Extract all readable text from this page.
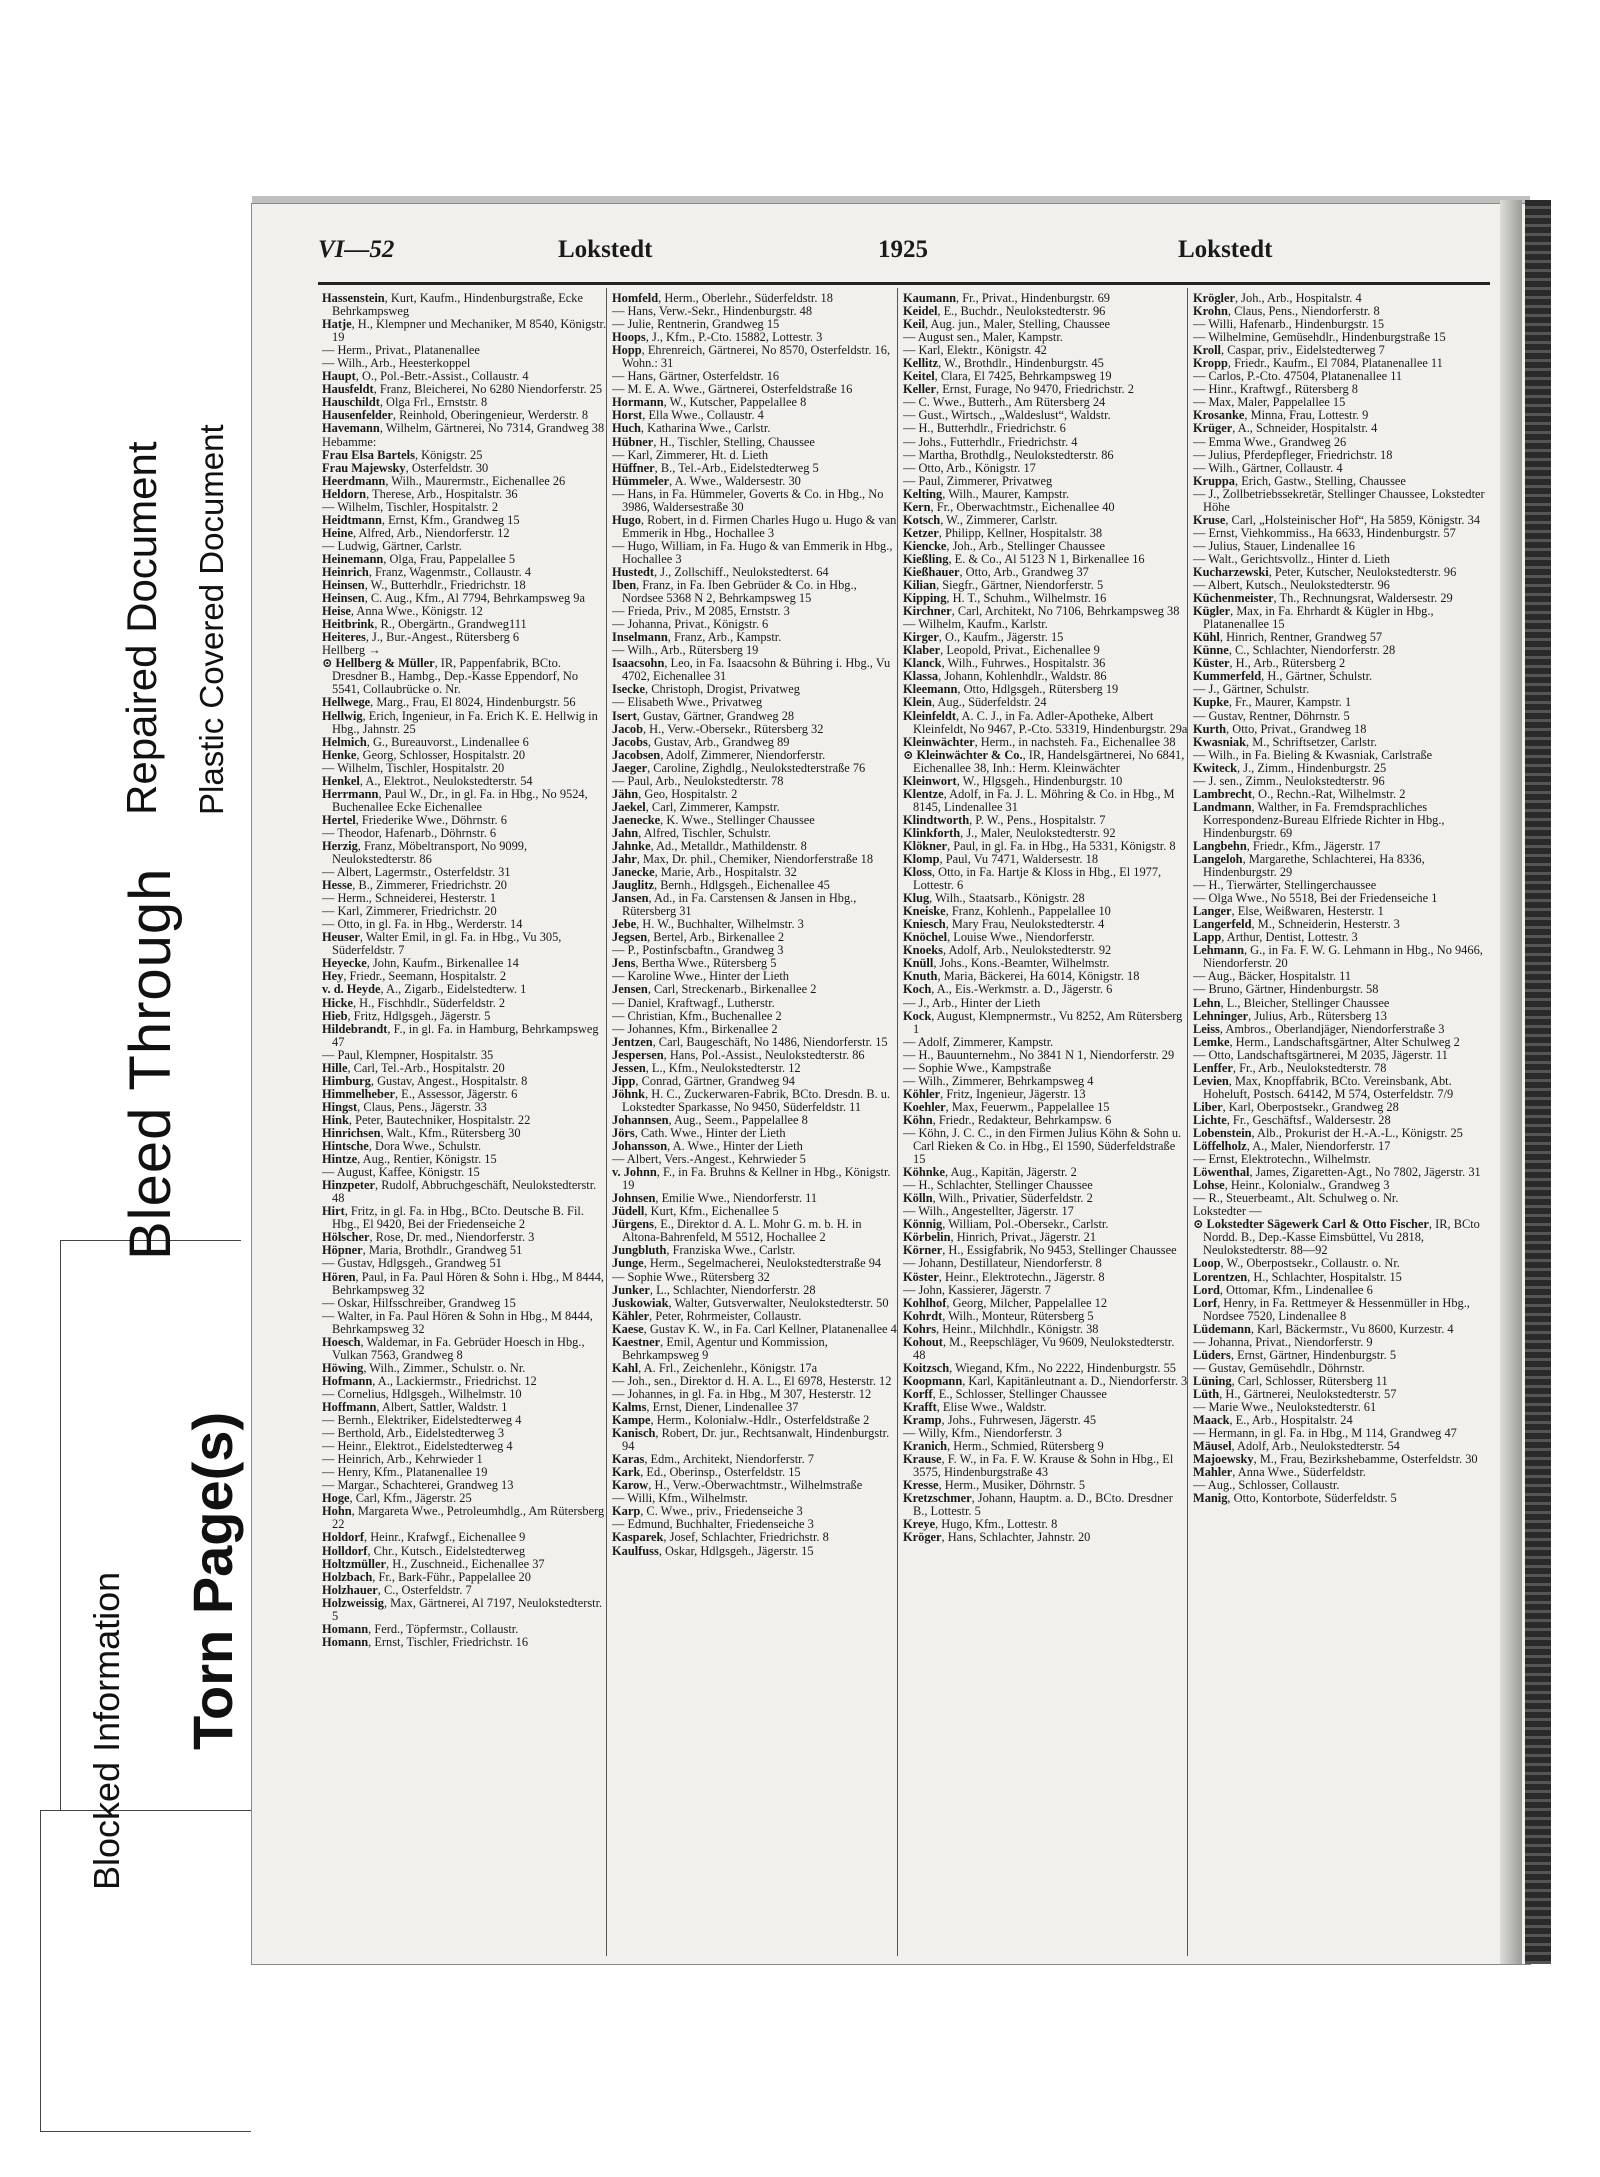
Blocked Information
Bleed Through
Repaired Document Plastic Covered Document
Torn Page(s)
VI—52	Lokstedt	1925	Lokstedt
Hassenstein, Kurt, Kaufm., Hindenburgstraße, Ecke Behrkampsweg
Hatje, H., Klempner und Mechaniker, M 8540, Königstr. 19
— Herm., Privat., Platanenallee
— Wilh., Arb., Heesterkoppel
Haupt, O., Pol.-Betr.-Assist., Collaustr. 4
Hausfeldt, Franz, Bleicherei, No 6280 Niendorferstr. 25
Hauschildt, Olga Frl., Ernststr. 8
Hausenfelder, Reinhold, Oberingenieur, Werderstr. 8
Havemann, Wilhelm, Gärtnerei, No 7314, Grandweg 38
Hebamme:
Frau Elsa Bartels, Königstr. 25
Frau Majewsky, Osterfeldstr. 30
Heerdmann, Wilh., Maurermstr., Eichenallee 26
Heldorn, Therese, Arb., Hospitalstr. 36
— Wilhelm, Tischler, Hospitalstr. 2
Heidtmann, Ernst, Kfm., Grandweg 15
Heine, Alfred, Arb., Niendorferstr. 12
— Ludwig, Gärtner, Carlstr.
Heinemann, Olga, Frau, Pappelallee 5
Heinrich, Franz, Wagenmstr., Collaustr. 4
Heinsen, W., Butterhdlr., Friedrichstr. 18
Heinsen, C. Aug., Kfm., Al 7794, Behrkampsweg 9a
Heise, Anna Wwe., Königstr. 12
Heitbrink, R., Obergärtn., Grandweg111
Heiteres, J., Bur.-Angest., Rütersberg 6
Hellberg →
⊙ Hellberg & Müller, IR, Pappenfabrik, BCto. Dresdner B., Hambg., Dep.-Kasse Eppendorf, No 5541, Collaubrücke o. Nr.
Hellwege, Marg., Frau, El 8024, Hindenburgstr. 56
Hellwig, Erich, Ingenieur, in Fa. Erich K. E. Hellwig in Hbg., Jahnstr. 25
Helmich, G., Bureauvorst., Lindenallee 6
Henke, Georg, Schlosser, Hospitalstr. 20
— Wilhelm, Tischler, Hospitalstr. 20
Henkel, A., Elektrot., Neulokstedterstr. 54
Herrmann, Paul W., Dr., in gl. Fa. in Hbg., No 9524, Buchenallee Ecke Eichenallee
Hertel, Friederike Wwe., Döhrnstr. 6
— Theodor, Hafenarb., Döhrnstr. 6
Herzig, Franz, Möbeltransport, No 9099, Neulokstedterstr. 86
— Albert, Lagermstr., Osterfeldstr. 31
Hesse, B., Zimmerer, Friedrichstr. 20
— Herm., Schneiderei, Hesterstr. 1
— Karl, Zimmerer, Friedrichstr. 20
— Otto, in gl. Fa. in Hbg., Werderstr. 14
Heuser, Walter Emil, in gl. Fa. in Hbg., Vu 305, Süderfeldstr. 7
Heyecke, John, Kaufm., Birkenallee 14
Hey, Friedr., Seemann, Hospitalstr. 2
v. d. Heyde, A., Zigarb., Eidelstedterw. 1
Hicke, H., Fischhdlr., Süderfeldstr. 2
Hieb, Fritz, Hdlgsgeh., Jägerstr. 5
Hildebrandt, F., in gl. Fa. in Hamburg, Behrkampsweg 47
— Paul, Klempner, Hospitalstr. 35
Hille, Carl, Tel.-Arb., Hospitalstr. 20
Himburg, Gustav, Angest., Hospitalstr. 8
Himmelheber, E., Assessor, Jägerstr. 6
Hingst, Claus, Pens., Jägerstr. 33
Hink, Peter, Bautechniker, Hospitalstr. 22
Hinrichsen, Walt., Kfm., Rütersberg 30
Hintsche, Dora Wwe., Schulstr.
Hintze, Aug., Rentier, Königstr. 15
— August, Kaffee, Königstr. 15
Hinzpeter, Rudolf, Abbruchgeschäft, Neulokstedterstr. 48
Hirt, Fritz, in gl. Fa. in Hbg., BCto. Deutsche B. Fil. Hbg., El 9420, Bei der Friedenseiche 2
Hölscher, Rose, Dr. med., Niendorferstr. 3
Höpner, Maria, Brothdlr., Grandweg 51
— Gustav, Hdlgsgeh., Grandweg 51
Hören, Paul, in Fa. Paul Hören & Sohn i. Hbg., M 8444, Behrkampsweg 32
— Oskar, Hilfsschreiber, Grandweg 15
— Walter, in Fa. Paul Hören & Sohn in Hbg., M 8444, Behrkampsweg 32
Hoesch, Waldemar, in Fa. Gebrüder Hoesch in Hbg., Vulkan 7563, Grandweg 8
Höwing, Wilh., Zimmer., Schulstr. o. Nr.
Hofmann, A., Lackiermstr., Friedrichst. 12
— Cornelius, Hdlgsgeh., Wilhelmstr. 10
Hoffmann, Albert, Sattler, Waldstr. 1
— Bernh., Elektriker, Eidelstedterweg 4
— Berthold, Arb., Eidelstedterweg 3
— Heinr., Elektrot., Eidelstedterweg 4
— Heinrich, Arb., Kehrwieder 1
— Henry, Kfm., Platanenallee 19
— Margar., Schachterei, Grandweg 13
Hoge, Carl, Kfm., Jägerstr. 25
Hohn, Margareta Wwe., Petroleumhdlg., Am Rütersberg 22
Holdorf, Heinr., Krafwgf., Eichenallee 9
Holldorf, Chr., Kutsch., Eidelstedterweg
Holtzmüller, H., Zuschneid., Eichenallee 37
Holzbach, Fr., Bark-Führ., Pappelallee 20
Holzhauer, C., Osterfeldstr. 7
Holzweissig, Max, Gärtnerei, Al 7197, Neulokstedterstr. 5
Homann, Ferd., Töpfermstr., Collaustr.
Homann, Ernst, Tischler, Friedrichstr. 16
Homfeld, Herm., Oberlehr., Süderfeldstr. 18
— Hans, Verw.-Sekr., Hindenburgstr. 48
— Julie, Rentnerin, Grandweg 15
Hoops, J., Kfm., P.-Cto. 15882, Lottestr. 3
Hopp, Ehrenreich, Gärtnerei, No 8570, Osterfeldstr. 16, Wohn.: 31
— Hans, Gärtner, Osterfeldstr. 16
— M. E. A. Wwe., Gärtnerei, Osterfeldstraße 16
Hormann, W., Kutscher, Pappelallee 8
Horst, Ella Wwe., Collaustr. 4
Huch, Katharina Wwe., Carlstr.
Hübner, H., Tischler, Stelling, Chaussee
— Karl, Zimmerer, Ht. d. Lieth
Hüffner, B., Tel.-Arb., Eidelstedterweg 5
Hümmeler, A. Wwe., Waldersestr. 30
— Hans, in Fa. Hümmeler, Goverts & Co. in Hbg., No 3986, Waldersestraße 30
Hugo, Robert, in d. Firmen Charles Hugo u. Hugo & van Emmerik in Hbg., Hochallee 3
— Hugo, William, in Fa. Hugo & van Emmerik in Hbg., Hochallee 3
Hustedt, J., Zollschiff., Neulokstedterst. 64
Iben, Franz, in Fa. Iben Gebrüder & Co. in Hbg., Nordsee 5368 N 2, Behrkampsweg 15
— Frieda, Priv., M 2085, Ernststr. 3
— Johanna, Privat., Königstr. 6
Inselmann, Franz, Arb., Kampstr.
— Wilh., Arb., Rütersberg 19
Isaacsohn, Leo, in Fa. Isaacsohn & Bühring i. Hbg., Vu 4702, Eichenallee 31
Isecke, Christoph, Drogist, Privatweg
— Elisabeth Wwe., Privatweg
Isert, Gustav, Gärtner, Grandweg 28
Jacob, H., Verw.-Obersekr., Rütersberg 32
Jacobs, Gustav, Arb., Grandweg 89
Jacobsen, Adolf, Zimmerer, Niendorferstr.
Jaeger, Caroline, Zighdlg., Neulokstedterstraße 76
— Paul, Arb., Neulokstedterstr. 78
Jähn, Geo, Hospitalstr. 2
Jaekel, Carl, Zimmerer, Kampstr.
Jaenecke, K. Wwe., Stellinger Chaussee
Jahn, Alfred, Tischler, Schulstr.
Jahnke, Ad., Metalldr., Mathildenstr. 8
Jahr, Max, Dr. phil., Chemiker, Niendorferstraße 18
Janecke, Marie, Arb., Hospitalstr. 32
Jauglitz, Bernh., Hdlgsgeh., Eichenallee 45
Jansen, Ad., in Fa. Carstensen & Jansen in Hbg., Rütersberg 31
Jebe, H. W., Buchhalter, Wilhelmstr. 3
Jegsen, Bertel, Arb., Birkenallee 2
— P., Postinfscbaftn., Grandweg 3
Jens, Bertha Wwe., Rütersberg 5
— Karoline Wwe., Hinter der Lieth
Jensen, Carl, Streckenarb., Birkenallee 2
— Daniel, Kraftwagf., Lutherstr.
— Christian, Kfm., Buchenallee 2
— Johannes, Kfm., Birkenallee 2
Jentzen, Carl, Baugeschäft, No 1486, Niendorferstr. 15
Jespersen, Hans, Pol.-Assist., Neulokstedterstr. 86
Jessen, L., Kfm., Neulokstedterstr. 12
Jipp, Conrad, Gärtner, Grandweg 94
Jöhnk, H. C., Zuckerwaren-Fabrik, BCto. Dresdn. B. u. Lokstedter Sparkasse, No 9450, Süderfeldstr. 11
Johannsen, Aug., Seem., Pappelallee 8
Jörs, Cath. Wwe., Hinter der Lieth
Johansson, A. Wwe., Hinter der Lieth
— Albert, Vers.-Angest., Kehrwieder 5
v. Johnn, F., in Fa. Bruhns & Kellner in Hbg., Königstr. 19
Johnsen, Emilie Wwe., Niendorferstr. 11
Jüdell, Kurt, Kfm., Eichenallee 5
Jürgens, E., Direktor d. A. L. Mohr G. m. b. H. in Altona-Bahrenfeld, M 5512, Hochallee 2
Jungbluth, Franziska Wwe., Carlstr.
Junge, Herm., Segelmacherei, Neulokstedterstraße 94
— Sophie Wwe., Rütersberg 32
Junker, L., Schlachter, Niendorferstr. 28
Juskowiak, Walter, Gutsverwalter, Neulokstedterstr. 50
Kähler, Peter, Rohrmeister, Collaustr.
Kaese, Gustav K. W., in Fa. Carl Kellner, Platanenallee 4
Kaestner, Emil, Agentur und Kommission, Behrkampsweg 9
Kahl, A. Frl., Zeichenlehr., Königstr. 17a
— Joh., sen., Direktor d. H. A. L., El 6978, Hesterstr. 12
— Johannes, in gl. Fa. in Hbg., M 307, Hesterstr. 12
Kalms, Ernst, Diener, Lindenallee 37
Kampe, Herm., Kolonialw.-Hdlr., Osterfeldstraße 2
Kanisch, Robert, Dr. jur., Rechtsanwalt, Hindenburgstr. 94
Karas, Edm., Architekt, Niendorferstr. 7
Kark, Ed., Oberinsp., Osterfeldstr. 15
Karow, H., Verw.-Oberwachtmstr., Wilhelmstraße
— Willi, Kfm., Wilhelmstr.
Karp, C. Wwe., priv., Friedenseiche 3
— Edmund, Buchhalter, Friedenseiche 3
Kasparek, Josef, Schlachter, Friedrichstr. 8
Kaulfuss, Oskar, Hdlgsgeh., Jägerstr. 15
Kaumann, Fr., Privat., Hindenburgstr. 69
Keidel, E., Buchdr., Neulokstedterstr. 96
Keil, Aug. jun., Maler, Stelling, Chaussee
— August sen., Maler, Kampstr.
— Karl, Elektr., Königstr. 42
Kellitz, W., Brothdlr., Hindenburgstr. 45
Keitel, Clara, El 7425, Behrkampsweg 19
Keller, Ernst, Furage, No 9470, Friedrichstr. 2
— C. Wwe., Butterh., Am Rütersberg 24
— Gust., Wirtsch., „Waldeslust“, Waldstr.
— H., Butterhdlr., Friedrichstr. 6
— Johs., Futterhdlr., Friedrichstr. 4
— Martha, Brothdlg., Neulokstedterstr. 86
— Otto, Arb., Königstr. 17
— Paul, Zimmerer, Privatweg
Kelting, Wilh., Maurer, Kampstr.
Kern, Fr., Oberwachtmstr., Eichenallee 40
Kotsch, W., Zimmerer, Carlstr.
Ketzer, Philipp, Kellner, Hospitalstr. 38
Kiencke, Joh., Arb., Stellinger Chaussee
Kießling, E. & Co., Al 5123 N 1, Birkenallee 16
Kießhauer, Otto, Arb., Grandweg 37
Kilian, Siegfr., Gärtner, Niendorferstr. 5
Kipping, H. T., Schuhm., Wilhelmstr. 16
Kirchner, Carl, Architekt, No 7106, Behrkampsweg 38
— Wilhelm, Kaufm., Karlstr.
Kirger, O., Kaufm., Jägerstr. 15
Klaber, Leopold, Privat., Eichenallee 9
Klanck, Wilh., Fuhrwes., Hospitalstr. 36
Klassa, Johann, Kohlenhdlr., Waldstr. 86
Kleemann, Otto, Hdlgsgeh., Rütersberg 19
Klein, Aug., Süderfeldstr. 24
Kleinfeldt, A. C. J., in Fa. Adler-Apotheke, Albert Kleinfeldt, No 9467, P.-Cto. 53319, Hindenburgstr. 29a
Kleinwächter, Herm., in nachsteh. Fa., Eichenallee 38
⊙ Kleinwächter & Co., IR, Handelsgärtnerei, No 6841, Eichenallee 38, Inh.: Herm. Kleinwächter
Kleinwort, W., Hlgsgeh., Hindenburgstr. 10
Klentze, Adolf, in Fa. J. L. Möhring & Co. in Hbg., M 8145, Lindenallee 31
Klindtworth, P. W., Pens., Hospitalstr. 7
Klinkforth, J., Maler, Neulokstedterstr. 92
Klökner, Paul, in gl. Fa. in Hbg., Ha 5331, Königstr. 8
Klomp, Paul, Vu 7471, Waldersestr. 18
Kloss, Otto, in Fa. Hartje & Kloss in Hbg., El 1977, Lottestr. 6
Klug, Wilh., Staatsarb., Königstr. 28
Kneiske, Franz, Kohlenh., Pappelallee 10
Kniesch, Mary Frau, Neulokstedterstr. 4
Knöchel, Louise Wwe., Niendorferstr.
Knoeks, Adolf, Arb., Neulokstedterstr. 92
Knüll, Johs., Kons.-Beamter, Wilhelmstr.
Knuth, Maria, Bäckerei, Ha 6014, Königstr. 18
Koch, A., Eis.-Werkmstr. a. D., Jägerstr. 6
— J., Arb., Hinter der Lieth
Kock, August, Klempnermstr., Vu 8252, Am Rütersberg 1
— Adolf, Zimmerer, Kampstr.
— H., Bauunternehm., No 3841 N 1, Niendorferstr. 29
— Sophie Wwe., Kampstraße
— Wilh., Zimmerer, Behrkampsweg 4
Köhler, Fritz, Ingenieur, Jägerstr. 13
Koehler, Max, Feuerwm., Pappelallee 15
Köhn, Friedr., Redakteur, Behrkampsw. 6
— Köhn, J. C. C., in den Firmen Julius Köhn & Sohn u. Carl Rieken & Co. in Hbg., El 1590, Süderfeldstraße 15
Köhnke, Aug., Kapitän, Jägerstr. 2
— H., Schlachter, Stellinger Chaussee
Kölln, Wilh., Privatier, Süderfeldstr. 2
— Wilh., Angestellter, Jägerstr. 17
Könnig, William, Pol.-Obersekr., Carlstr.
Körbelin, Hinrich, Privat., Jägerstr. 21
Körner, H., Essigfabrik, No 9453, Stellinger Chaussee
— Johann, Destillateur, Niendorferstr. 8
Köster, Heinr., Elektrotechn., Jägerstr. 8
— John, Kassierer, Jägerstr. 7
Kohlhof, Georg, Milcher, Pappelallee 12
Kohrdt, Wilh., Monteur, Rütersberg 5
Kohrs, Heinr., Milchhdlr., Königstr. 38
Kohout, M., Reepschläger, Vu 9609, Neulokstedterstr. 48
Koitzsch, Wiegand, Kfm., No 2222, Hindenburgstr. 55
Koopmann, Karl, Kapitänleutnant a. D., Niendorferstr. 3
Korff, E., Schlosser, Stellinger Chaussee
Krafft, Elise Wwe., Waldstr.
Kramp, Johs., Fuhrwesen, Jägerstr. 45
— Willy, Kfm., Niendorferstr. 3
Kranich, Herm., Schmied, Rütersberg 9
Krause, F. W., in Fa. F. W. Krause & Sohn in Hbg., El 3575, Hindenburgstraße 43
Kresse, Herm., Musiker, Döhrnstr. 5
Kretzschmer, Johann, Hauptm. a. D., BCto. Dresdner B., Lottestr. 5
Kreye, Hugo, Kfm., Lottestr. 8
Kröger, Hans, Schlachter, Jahnstr. 20
Krögler, Joh., Arb., Hospitalstr. 4
Krohn, Claus, Pens., Niendorferstr. 8
— Willi, Hafenarb., Hindenburgstr. 15
— Wilhelmine, Gemüsehdlr., Hindenburgstraße 15
Kroll, Caspar, priv., Eidelstedterweg 7
Kropp, Friedr., Kaufm., El 7084, Platanenallee 11
— Carlos, P.-Cto. 47504, Platanenallee 11
— Hinr., Kraftwgf., Rütersberg 8
— Max, Maler, Pappelallee 15
Krosanke, Minna, Frau, Lottestr. 9
Krüger, A., Schneider, Hospitalstr. 4
— Emma Wwe., Grandweg 26
— Julius, Pferdepfleger, Friedrichstr. 18
— Wilh., Gärtner, Collaustr. 4
Kruppa, Erich, Gastw., Stelling, Chaussee
— J., Zollbetriebssekretär, Stellinger Chaussee, Lokstedter Höhe
Kruse, Carl, „Holsteinischer Hof“, Ha 5859, Königstr. 34
— Ernst, Viehkommiss., Ha 6633, Hindenburgstr. 57
— Julius, Stauer, Lindenallee 16
— Walt., Gerichtsvollz., Hinter d. Lieth
Kucharzewski, Peter, Kutscher, Neulokstedterstr. 96
— Albert, Kutsch., Neulokstedterstr. 96
Küchenmeister, Th., Rechnungsrat, Waldersestr. 29
Kügler, Max, in Fa. Ehrhardt & Kügler in Hbg., Platanenallee 15
Kühl, Hinrich, Rentner, Grandweg 57
Künne, C., Schlachter, Niendorferstr. 28
Küster, H., Arb., Rütersberg 2
Kummerfeld, H., Gärtner, Schulstr.
— J., Gärtner, Schulstr.
Kupke, Fr., Maurer, Kampstr. 1
— Gustav, Rentner, Döhrnstr. 5
Kurth, Otto, Privat., Grandweg 18
Kwasniak, M., Schriftsetzer, Carlstr.
— Wilh., in Fa. Bieling & Kwasniak, Carlstraße
Kwiteck, J., Zimm., Hindenburgstr. 25
— J. sen., Zimm., Neulokstedterstr. 96
Lambrecht, O., Rechn.-Rat, Wilhelmstr. 2
Landmann, Walther, in Fa. Fremdsprachliches Korrespondenz-Bureau Elfriede Richter in Hbg., Hindenburgstr. 69
Langbehn, Friedr., Kfm., Jägerstr. 17
Langeloh, Margarethe, Schlachterei, Ha 8336, Hindenburgstr. 29
— H., Tierwärter, Stellingerchaussee
— Olga Wwe., No 5518, Bei der Friedenseiche 1
Langer, Else, Weißwaren, Hesterstr. 1
Langerfeld, M., Schneiderin, Hesterstr. 3
Lapp, Arthur, Dentist, Lottestr. 3
Lehmann, G., in Fa. F. W. G. Lehmann in Hbg., No 9466, Niendorferstr. 20
— Aug., Bäcker, Hospitalstr. 11
— Bruno, Gärtner, Hindenburgstr. 58
Lehn, L., Bleicher, Stellinger Chaussee
Lehninger, Julius, Arb., Rütersberg 13
Leiss, Ambros., Oberlandjäger, Niendorferstraße 3
Lemke, Herm., Landschaftsgärtner, Alter Schulweg 2
— Otto, Landschaftsgärtnerei, M 2035, Jägerstr. 11
Lenffer, Fr., Arb., Neulokstedterstr. 78
Levien, Max, Knopffabrik, BCto. Vereinsbank, Abt. Hoheluft, Postsch. 64142, M 574, Osterfeldstr. 7/9
Liber, Karl, Oberpostsekr., Grandweg 28
Lichte, Fr., Geschäftsf., Waldersestr. 28
Lobenstein, Alb., Prokurist der H.-A.-L., Königstr. 25
Löffelholz, A., Maler, Niendorferstr. 17
— Ernst, Elektrotechn., Wilhelmstr.
Löwenthal, James, Zigaretten-Agt., No 7802, Jägerstr. 31
Lohse, Heinr., Kolonialw., Grandweg 3
— R., Steuerbeamt., Alt. Schulweg o. Nr.
Lokstedter —
⊙ Lokstedter Sägewerk Carl & Otto Fischer, IR, BCto Nordd. B., Dep.-Kasse Eimsbüttel, Vu 2818, Neulokstedterstr. 88—92
Loop, W., Oberpostsekr., Collaustr. o. Nr.
Lorentzen, H., Schlachter, Hospitalstr. 15
Lord, Ottomar, Kfm., Lindenallee 6
Lorf, Henry, in Fa. Rettmeyer & Hessenmüller in Hbg., Nordsee 7520, Lindenallee 8
Lüdemann, Karl, Bäckermstr., Vu 8600, Kurzestr. 4
— Johanna, Privat., Niendorferstr. 9
Lüders, Ernst, Gärtner, Hindenburgstr. 5
— Gustav, Gemüsehdlr., Döhrnstr.
Lüning, Carl, Schlosser, Rütersberg 11
Lüth, H., Gärtnerei, Neulokstedterstr. 57
— Marie Wwe., Neulokstedterstr. 61
Maack, E., Arb., Hospitalstr. 24
— Hermann, in gl. Fa. in Hbg., M 114, Grandweg 47
Mäusel, Adolf, Arb., Neulokstedterstr. 54
Majoewsky, M., Frau, Bezirkshebamme, Osterfeldstr. 30
Mahler, Anna Wwe., Süderfeldstr.
— Aug., Schlosser, Collaustr.
Manig, Otto, Kontorbote, Süderfeldstr. 5
